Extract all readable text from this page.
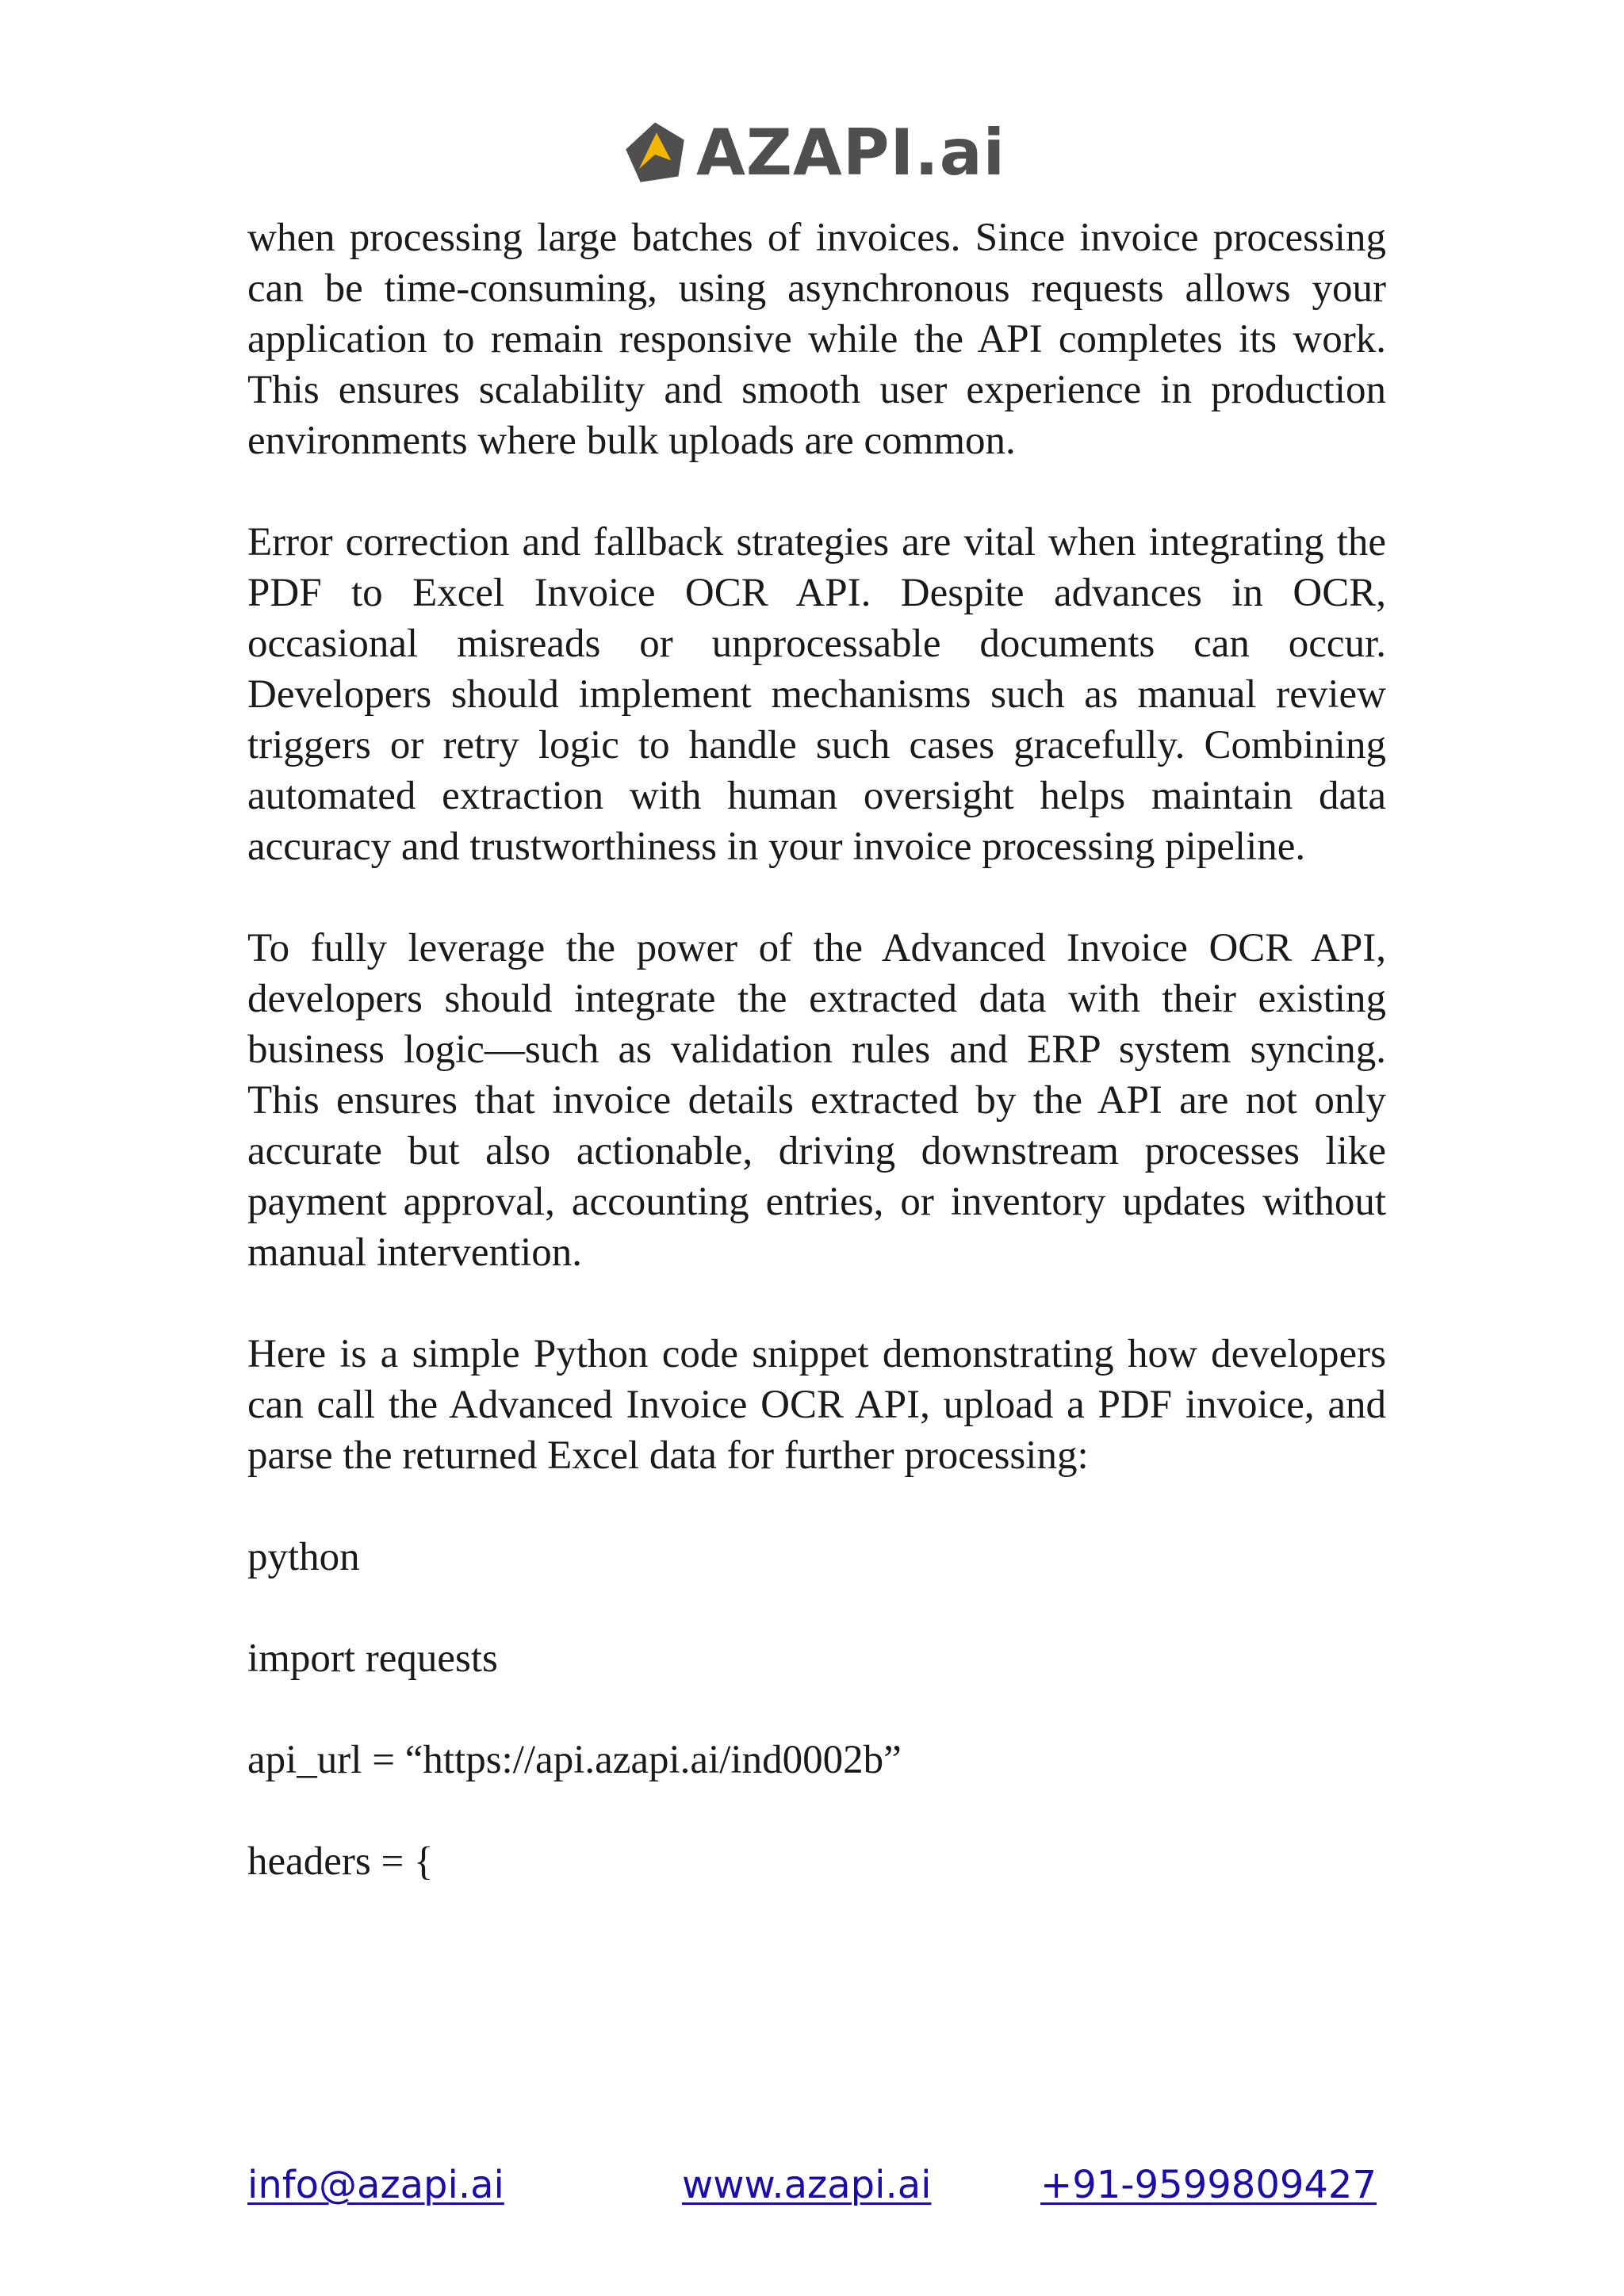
AZAPI.ai

when processing large batches of invoices. Since invoice processing can be time-consuming, using asynchronous requests allows your application to remain responsive while the API completes its work. This ensures scalability and smooth user experience in production environments where bulk uploads are common.

Error correction and fallback strategies are vital when integrating the PDF to Excel Invoice OCR API. Despite advances in OCR, occasional misreads or unprocessable documents can occur. Developers should implement mechanisms such as manual review triggers or retry logic to handle such cases gracefully. Combining automated extraction with human oversight helps maintain data accuracy and trustworthiness in your invoice processing pipeline.

To fully leverage the power of the Advanced Invoice OCR API, developers should integrate the extracted data with their existing business logic—such as validation rules and ERP system syncing. This ensures that invoice details extracted by the API are not only accurate but also actionable, driving downstream processes like payment approval, accounting entries, or inventory updates without manual intervention.

Here is a simple Python code snippet demonstrating how developers can call the Advanced Invoice OCR API, upload a PDF invoice, and parse the returned Excel data for further processing:

python
import requests
api_url = “https://api.azapi.ai/ind0002b”
headers = {
info@azapi.ai	www.azapi.ai	+91-9599809427
